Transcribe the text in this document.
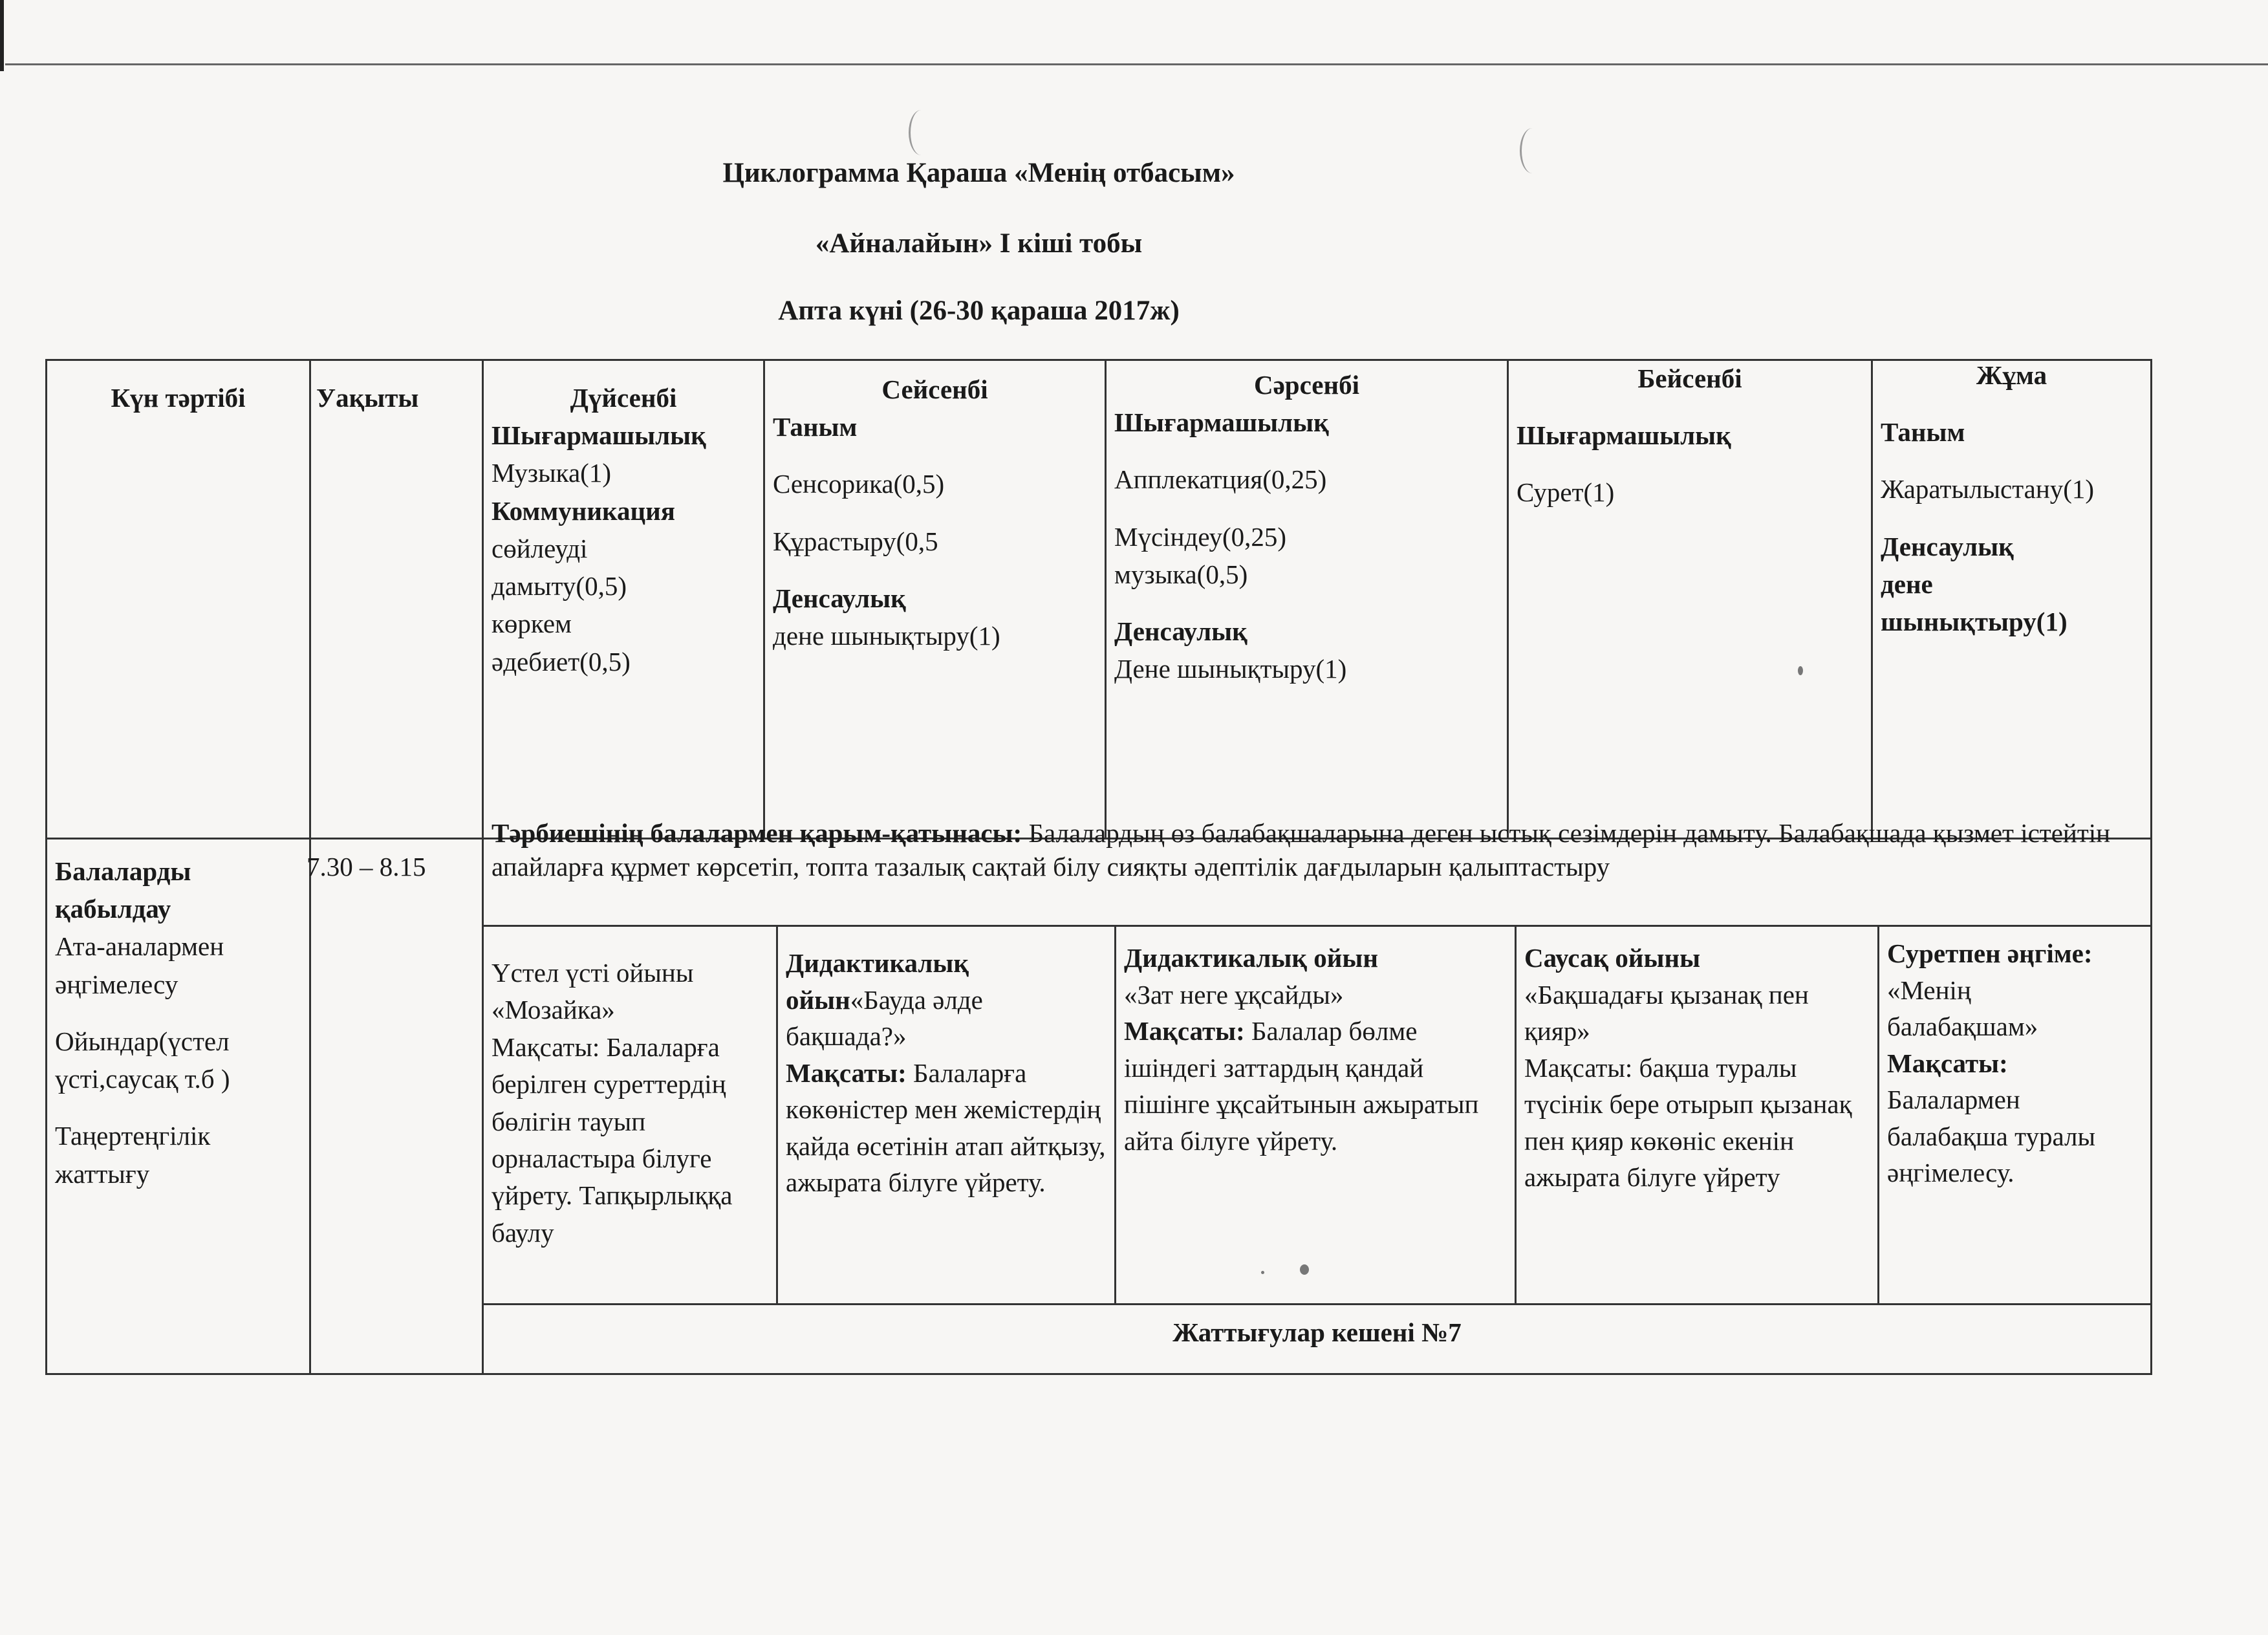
Циклограмма Қараша «Менің отбасым»
«Айналайын» І кіші тобы
Апта күні (26-30 қараша 2017ж)
Күн тәртібі	Уақыты	Дүйсенбі
Шығармашылық
Музыка(1)
Коммуникация
сөйлеуді дамыту(0,5)
көркем әдебиет(0,5)
Сейсенбі
Таным
Сенсорика(0,5)
Құрастыру(0,5
Денсаулық
дене шынықтыру(1)
Сәрсенбі
Шығармашылық
Апплекатция(0,25)
Мүсіндеу(0,25)
музыка(0,5)
Денсаулық
Дене шынықтыру(1)
Бейсенбі
Шығармашылық
Сурет(1)
Жұма
Таным
Жаратылыстану(1)
Денсаулық
дене шынықтыру(1)
Балаларды қабылдау
Ата-аналармен әңгімелесу
Ойындар(үстел үсті,саусақ т.б )
Таңертеңгілік жаттығу
7.30 – 8.15
Тәрбиешінің балалармен қарым-қатынасы: Балалардың өз балабақшаларына деген ыстық сезімдерін дамыту. Балабақшада қызмет істейтін апайларға құрмет көрсетіп, топта тазалық сақтай білу сияқты әдептілік дағдыларын қалыптастыру
Үстел үсті ойыны «Мозайка»
Мақсаты: Балаларға берілген суреттердің бөлігін тауып орналастыра білуге үйрету. Тапқырлыққа баулу
Дидактикалық ойын«Бауда әлде бақшада?»
Мақсаты: Балаларға көкөністер мен жемістердің қайда өсетінін атап айтқызу, ажырата білуге үйрету.
Дидактикалық ойын
«Зат неге ұқсайды»
Мақсаты: Балалар бөлме ішіндегі заттардың қандай пішінге ұқсайтынын ажыратып айта білуге үйрету.
Саусақ ойыны
«Бақшадағы қызанақ пен қияр»
Мақсаты: бақша туралы түсінік бере отырып қызанақ пен қияр көкөніс екенін ажырата білуге үйрету
Суретпен әңгіме:
«Менің балабақшам»
Мақсаты:
Балалармен балабақша туралы әңгімелесу.
Жаттығулар кешені №7
